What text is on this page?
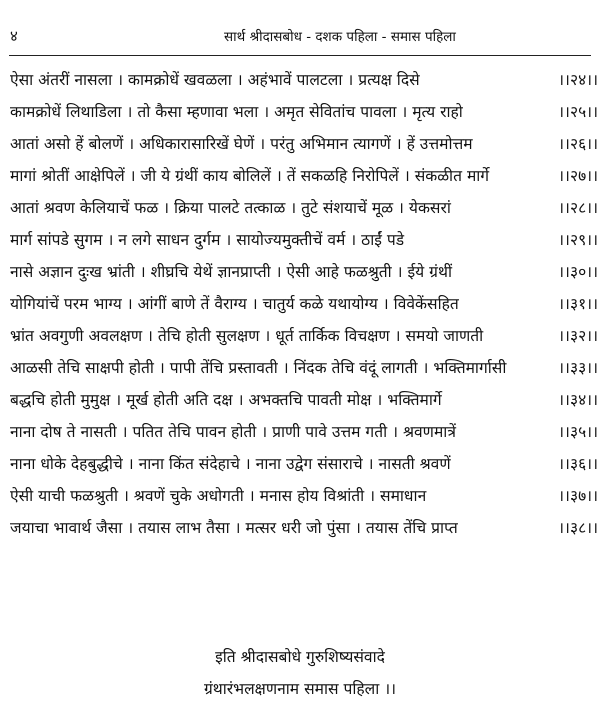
४	सार्थ श्रीदासबोध - दशक पहिला - समास पहिला
ऐसा अंतरीं नासला । कामक्रोधें खवळला । अहंभावें पालटला । प्रत्यक्ष दिसे	।।२४।।
कामक्रोधें लिथाडिला । तो कैसा म्हणावा भला । अमृत सेवितांच पावला । मृत्य राहो	।।२५।।
आतां असो हें बोलणें । अधिकारासारिखें घेणें । परंतु अभिमान त्यागणें । हें उत्तमोत्तम	।।२६।।
मागां श्रोतीं आक्षेपिलें । जी ये ग्रंथीं काय बोलिलें । तें सकळहि निरोपिलें । संकळीत मार्गे	।।२७।।
आतां श्रवण केलियाचें फळ । क्रिया पालटे तत्काळ । तुटे संशयाचें मूळ । येकसरां	।।२८।।
मार्ग सांपडे सुगम । न लगे साधन दुर्गम । सायोज्यमुक्तीचें वर्म । ठाईं पडे	।।२९।।
नासे अज्ञान दुःख भ्रांती । शीघ्रचि येथें ज्ञानप्राप्ती । ऐसी आहे फळश्रुती । ईये ग्रंथीं	।।३०।।
योगियांचें परम भाग्य । आंगीं बाणे तें वैराग्य । चातुर्य कळे यथायोग्य । विवेकेंसहित	।।३१।।
भ्रांत अवगुणी अवलक्षण । तेचि होती सुलक्षण । धूर्त तार्किक विचक्षण । समयो जाणती	।।३२।।
आळसी तेचि साक्षपी होती । पापी तेंचि प्रस्तावती । निंदक तेचि वंदूं लागती । भक्तिमार्गासी	।।३३।।
बद्धचि होती मुमुक्ष । मूर्ख होती अति दक्ष । अभक्तचि पावती मोक्ष । भक्तिमार्गे	।।३४।।
नाना दोष ते नासती । पतित तेचि पावन होती । प्राणी पावे उत्तम गती । श्रवणमात्रें	।।३५।।
नाना धोके देहबुद्धीचे । नाना किंत संदेहाचे । नाना उद्वेग संसाराचे । नासती श्रवणें	।।३६।।
ऐसी याची फळश्रुती । श्रवणें चुके अधोगती । मनास होय विश्रांती । समाधान	।।३७।।
जयाचा भावार्थ जैसा । तयास लाभ तैसा । मत्सर धरी जो पुंसा । तयास तेंचि प्राप्त	।।३८।।
इति श्रीदासबोधे गुरुशिष्यसंवादे
ग्रंथारंभलक्षणनाम समास पहिला ।।
